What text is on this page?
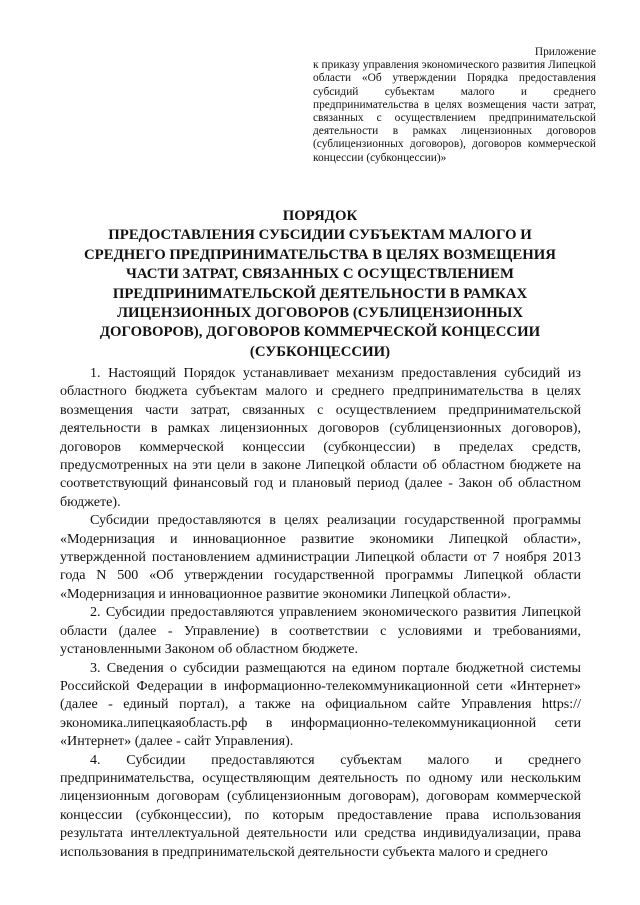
Приложение
к приказу управления экономического развития Липецкой области «Об утверждении Порядка предоставления субсидий субъектам малого и среднего предпринимательства в целях возмещения части затрат, связанных с осуществлением предпринимательской деятельности в рамках лицензионных договоров (сублицензионных договоров), договоров коммерческой концессии (субконцессии)»
ПОРЯДОК
ПРЕДОСТАВЛЕНИЯ СУБСИДИИ СУБЪЕКТАМ МАЛОГО И СРЕДНЕГО ПРЕДПРИНИМАТЕЛЬСТВА В ЦЕЛЯХ ВОЗМЕЩЕНИЯ ЧАСТИ ЗАТРАТ, СВЯЗАННЫХ С ОСУЩЕСТВЛЕНИЕМ ПРЕДПРИНИМАТЕЛЬСКОЙ ДЕЯТЕЛЬНОСТИ В РАМКАХ ЛИЦЕНЗИОННЫХ ДОГОВОРОВ (СУБЛИЦЕНЗИОННЫХ ДОГОВОРОВ), ДОГОВОРОВ КОММЕРЧЕСКОЙ КОНЦЕССИИ (СУБКОНЦЕССИИ)

1. Настоящий Порядок устанавливает механизм предоставления субсидий из областного бюджета субъектам малого и среднего предпринимательства в целях возмещения части затрат, связанных с осуществлением предпринимательской деятельности в рамках лицензионных договоров (сублицензионных договоров), договоров коммерческой концессии (субконцессии) в пределах средств, предусмотренных на эти цели в законе Липецкой области об областном бюджете на соответствующий финансовый год и плановый период (далее - Закон об областном бюджете).

Субсидии предоставляются в целях реализации государственной программы «Модернизация и инновационное развитие экономики Липецкой области», утвержденной постановлением администрации Липецкой области от 7 ноября 2013 года N 500 «Об утверждении государственной программы Липецкой области «Модернизация и инновационное развитие экономики Липецкой области».

2. Субсидии предоставляются управлением экономического развития Липецкой области (далее - Управление) в соответствии с условиями и требованиями, установленными Законом об областном бюджете.

3. Сведения о субсидии размещаются на едином портале бюджетной системы Российской Федерации в информационно-телекоммуникационной сети «Интернет» (далее - единый портал), а также на официальном сайте Управления https://экономика.липецкаяобласть.рф в информационно-телекоммуникационной сети «Интернет» (далее - сайт Управления).

4. Субсидии предоставляются субъектам малого и среднего предпринимательства, осуществляющим деятельность по одному или нескольким лицензионным договорам (сублицензионным договорам), договорам коммерческой концессии (субконцессии), по которым предоставление права использования результата интеллектуальной деятельности или средства индивидуализации, права использования в предпринимательской деятельности субъекта малого и среднего
